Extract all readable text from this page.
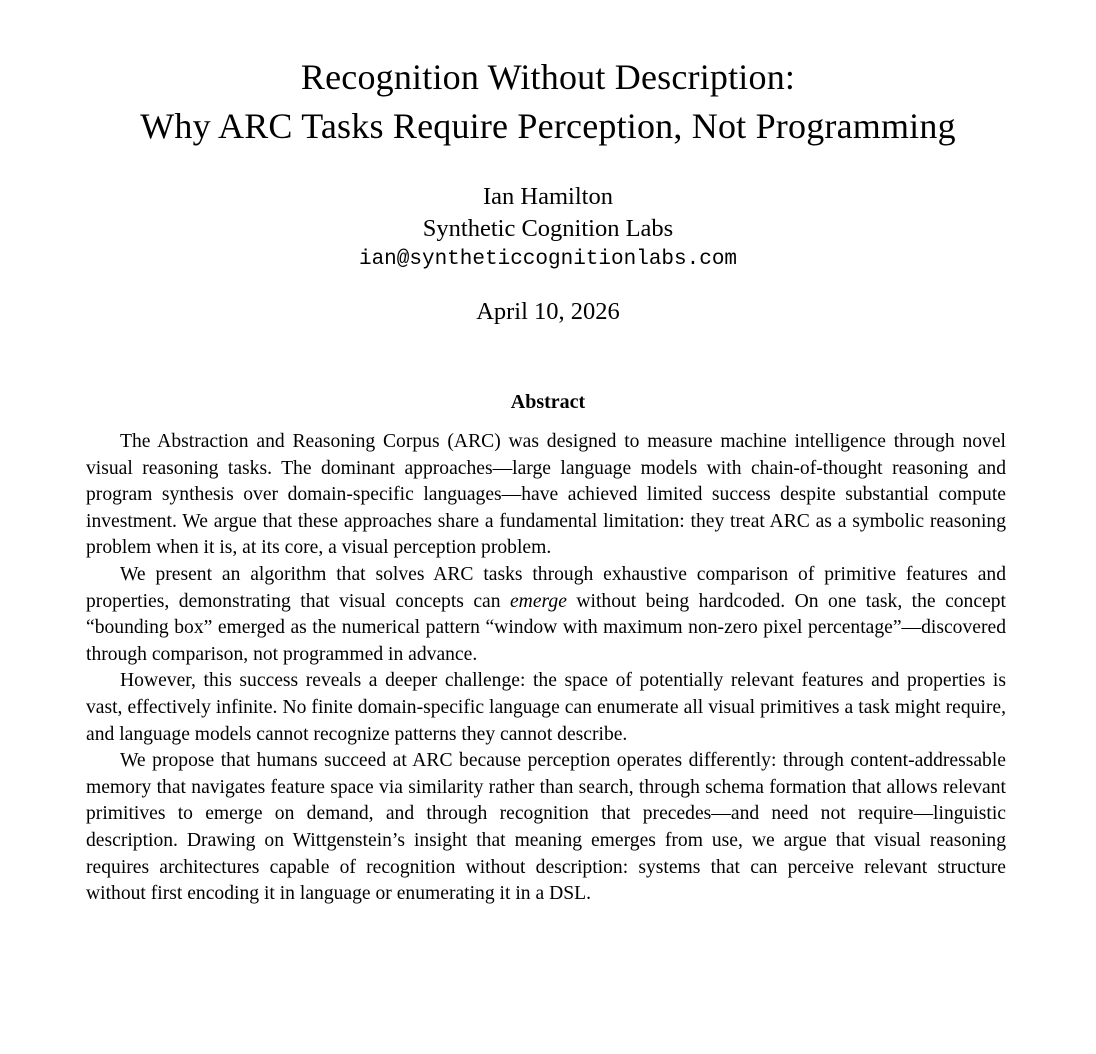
Recognition Without Description:
Why ARC Tasks Require Perception, Not Programming
Ian Hamilton
Synthetic Cognition Labs
ian@syntheticcognitionlabs.com
April 10, 2026
Abstract

The Abstraction and Reasoning Corpus (ARC) was designed to measure machine intelligence through novel visual reasoning tasks. The dominant approaches—large language models with chain-of-thought reasoning and program synthesis over domain-specific languages—have achieved limited success despite substantial compute investment. We argue that these approaches share a fundamental limitation: they treat ARC as a symbolic reasoning problem when it is, at its core, a visual perception problem.

We present an algorithm that solves ARC tasks through exhaustive comparison of primitive features and properties, demonstrating that visual concepts can emerge without being hardcoded. On one task, the concept “bounding box” emerged as the numerical pattern “window with maximum non-zero pixel percentage”—discovered through comparison, not programmed in advance.

However, this success reveals a deeper challenge: the space of potentially relevant features and properties is vast, effectively infinite. No finite domain-specific language can enumerate all visual primitives a task might require, and language models cannot recognize patterns they cannot describe.

We propose that humans succeed at ARC because perception operates differently: through content-addressable memory that navigates feature space via similarity rather than search, through schema formation that allows relevant primitives to emerge on demand, and through recognition that precedes—and need not require—linguistic description. Drawing on Wittgenstein’s insight that meaning emerges from use, we argue that visual reasoning requires architectures capable of recognition without description: systems that can perceive relevant structure without first encoding it in language or enumerating it in a DSL.
